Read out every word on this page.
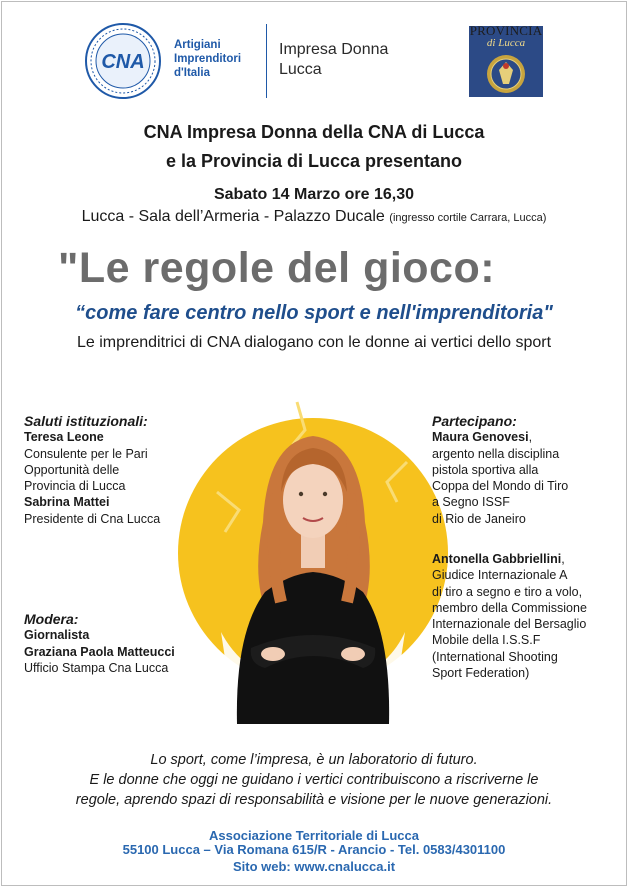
CNA
Artigiani
Imprenditori
d'Italia
Impresa Donna
Lucca
PROVINCIA
di Lucca
CNA Impresa Donna della CNA di Lucca
e la Provincia di Lucca presentano
Sabato 14 Marzo ore 16,30
Lucca - Sala dell’Armeria - Palazzo Ducale (ingresso cortile Carrara, Lucca)
"Le regole del gioco:
“come fare centro nello sport e nell'imprenditoria"
Le imprenditrici di CNA dialogano con le donne ai vertici dello sport
Saluti istituzionali:
Teresa Leone
Consulente per le Pari
Opportunità delle
Provincia di Lucca
Sabrina Mattei
Presidente di Cna Lucca
Modera:
Giornalista
Graziana Paola Matteucci
Ufficio Stampa Cna Lucca
Partecipano:
Maura Genovesi,
argento nella disciplina
pistola sportiva alla
Coppa del Mondo di Tiro
a Segno ISSF
di Rio de Janeiro
Antonella Gabbriellini,
Giudice Internazionale A
di tiro a segno e tiro a volo,
membro della Commissione
Internazionale del Bersaglio
Mobile della I.S.S.F
(International Shooting
Sport Federation)
Lo sport, come l’impresa, è un laboratorio di futuro.
E le donne che oggi ne guidano i vertici contribuiscono a riscriverne le
regole, aprendo spazi di responsabilità e visione per le nuove generazioni.
Associazione Territoriale di Lucca
55100 Lucca – Via Romana 615/R - Arancio - Tel. 0583/4301100
Sito web: www.cnalucca.it
